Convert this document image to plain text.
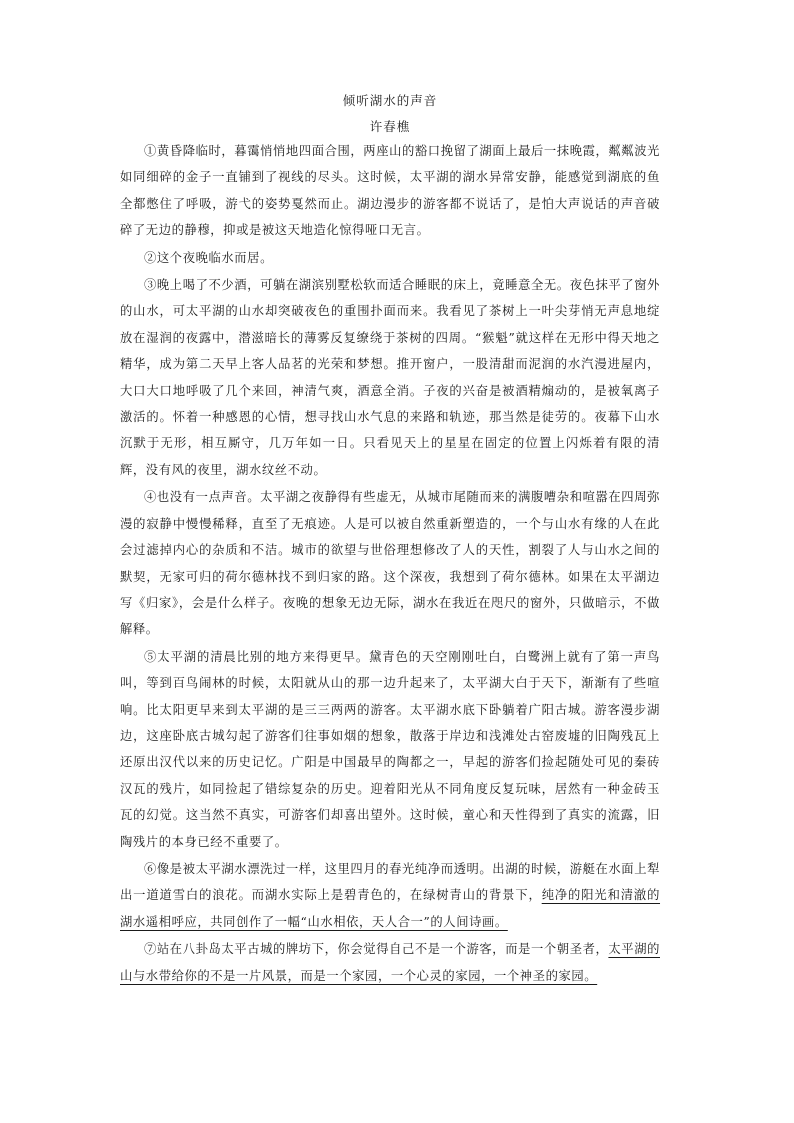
倾听湖水的声音
许春樵

①黄昏降临时，暮霭悄悄地四面合围，两座山的豁口挽留了湖面上最后一抹晚霞，粼粼波光如同细碎的金子一直铺到了视线的尽头。这时候，太平湖的湖水异常安静，能感觉到湖底的鱼全都憋住了呼吸，游弋的姿势戛然而止。湖边漫步的游客都不说话了，是怕大声说话的声音破碎了无边的静穆，抑或是被这天地造化惊得哑口无言。

②这个夜晚临水而居。

③晚上喝了不少酒，可躺在湖滨别墅松软而适合睡眠的床上，竟睡意全无。夜色抹平了窗外的山水，可太平湖的山水却突破夜色的重围扑面而来。我看见了茶树上一叶尖芽悄无声息地绽放在湿润的夜露中，潜滋暗长的薄雾反复缭绕于茶树的四周。“猴魁”就这样在无形中得天地之精华，成为第二天早上客人品茗的光荣和梦想。推开窗户，一股清甜而泥润的水汽漫进屋内，大口大口地呼吸了几个来回，神清气爽，酒意全消。子夜的兴奋是被酒精煽动的，是被氧离子激活的。怀着一种感恩的心情，想寻找山水气息的来路和轨迹，那当然是徒劳的。夜幕下山水沉默于无形，相互厮守，几万年如一日。只看见天上的星星在固定的位置上闪烁着有限的清辉，没有风的夜里，湖水纹丝不动。

④也没有一点声音。太平湖之夜静得有些虚无，从城市尾随而来的满腹嘈杂和喧嚣在四周弥漫的寂静中慢慢稀释，直至了无痕迹。人是可以被自然重新塑造的，一个与山水有缘的人在此会过滤掉内心的杂质和不洁。城市的欲望与世俗理想修改了人的天性，割裂了人与山水之间的默契，无家可归的荷尔德林找不到归家的路。这个深夜，我想到了荷尔德林。如果在太平湖边写《归家》，会是什么样子。夜晚的想象无边无际，湖水在我近在咫尺的窗外，只做暗示，不做解释。

⑤太平湖的清晨比别的地方来得更早。黛青色的天空刚刚吐白，白鹭洲上就有了第一声鸟叫，等到百鸟闹林的时候，太阳就从山的那一边升起来了，太平湖大白于天下，渐渐有了些喧响。比太阳更早来到太平湖的是三三两两的游客。太平湖水底下卧躺着广阳古城。游客漫步湖边，这座卧底古城勾起了游客们往事如烟的想象，散落于岸边和浅滩处古窑废墟的旧陶残瓦上还原出汉代以来的历史记忆。广阳是中国最早的陶都之一，早起的游客们捡起随处可见的秦砖汉瓦的残片，如同捡起了错综复杂的历史。迎着阳光从不同角度反复玩味，居然有一种金砖玉瓦的幻觉。这当然不真实，可游客们却喜出望外。这时候，童心和天性得到了真实的流露，旧陶残片的本身已经不重要了。

⑥像是被太平湖水漂洗过一样，这里四月的春光纯净而透明。出湖的时候，游艇在水面上犁出一道道雪白的浪花。而湖水实际上是碧青色的，在绿树青山的背景下，纯净的阳光和清澈的湖水遥相呼应，共同创作了一幅“山水相依，天人合一”的人间诗画。

⑦站在八卦岛太平古城的牌坊下，你会觉得自己不是一个游客，而是一个朝圣者，太平湖的山与水带给你的不是一片风景，而是一个家园，一个心灵的家园，一个神圣的家园。
